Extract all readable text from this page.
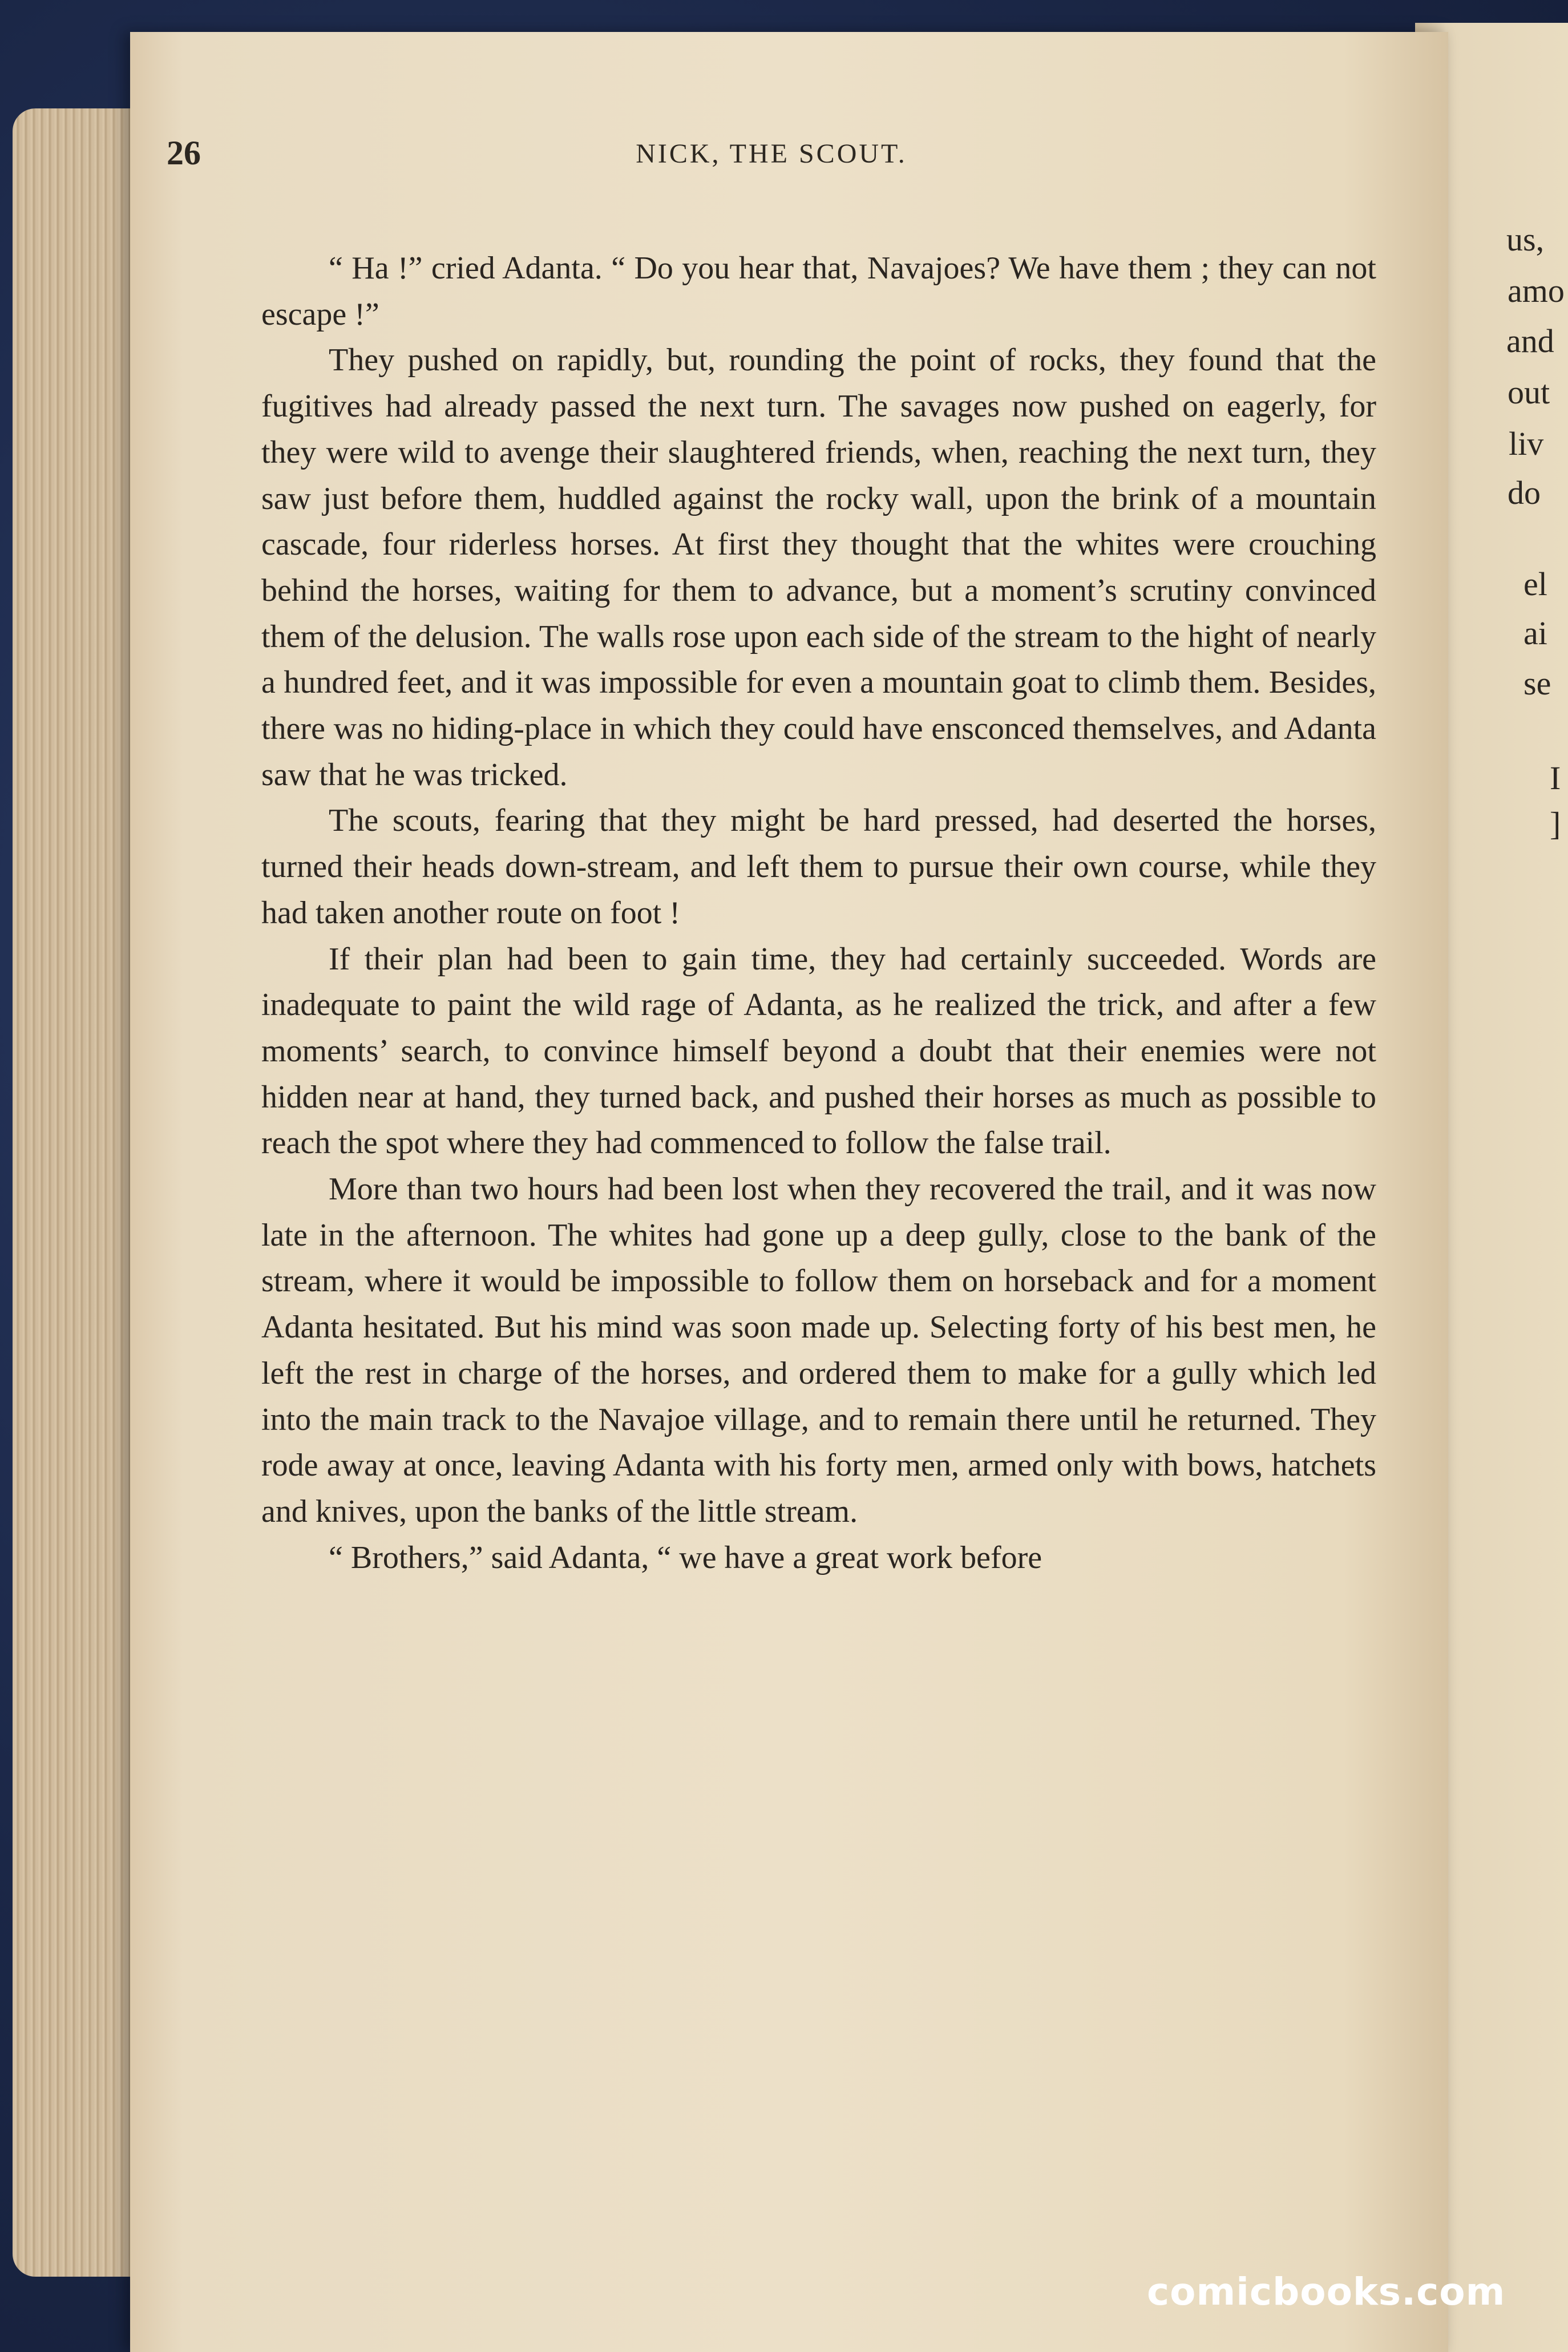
us,
amo
and
out
liv
do
el
ai
se
I
]
26	NICK, THE SCOUT.

“ Ha !” cried Adanta. “ Do you hear that, Navajoes? We have them ; they can not escape !”

They pushed on rapidly, but, rounding the point of rocks, they found that the fugitives had already passed the next turn. The savages now pushed on eagerly, for they were wild to avenge their slaughtered friends, when, reaching the next turn, they saw just before them, huddled against the rocky wall, upon the brink of a mountain cascade, four riderless horses. At first they thought that the whites were crouching behind the horses, waiting for them to advance, but a moment’s scrutiny convinced them of the delusion. The walls rose upon each side of the stream to the hight of nearly a hundred feet, and it was impossible for even a mountain goat to climb them. Besides, there was no hiding-place in which they could have ensconced themselves, and Adanta saw that he was tricked.

The scouts, fearing that they might be hard pressed, had deserted the horses, turned their heads down-stream, and left them to pursue their own course, while they had taken another route on foot !

If their plan had been to gain time, they had certainly succeeded. Words are inadequate to paint the wild rage of Adanta, as he realized the trick, and after a few moments’ search, to convince himself beyond a doubt that their enemies were not hidden near at hand, they turned back, and pushed their horses as much as possible to reach the spot where they had commenced to follow the false trail.

More than two hours had been lost when they recovered the trail, and it was now late in the afternoon. The whites had gone up a deep gully, close to the bank of the stream, where it would be impossible to follow them on horseback and for a moment Adanta hesitated. But his mind was soon made up. Selecting forty of his best men, he left the rest in charge of the horses, and ordered them to make for a gully which led into the main track to the Navajoe village, and to remain there until he returned. They rode away at once, leaving Adanta with his forty men, armed only with bows, hatchets and knives, upon the banks of the little stream.

“ Brothers,” said Adanta, “ we have a great work before

comicbooks.com
